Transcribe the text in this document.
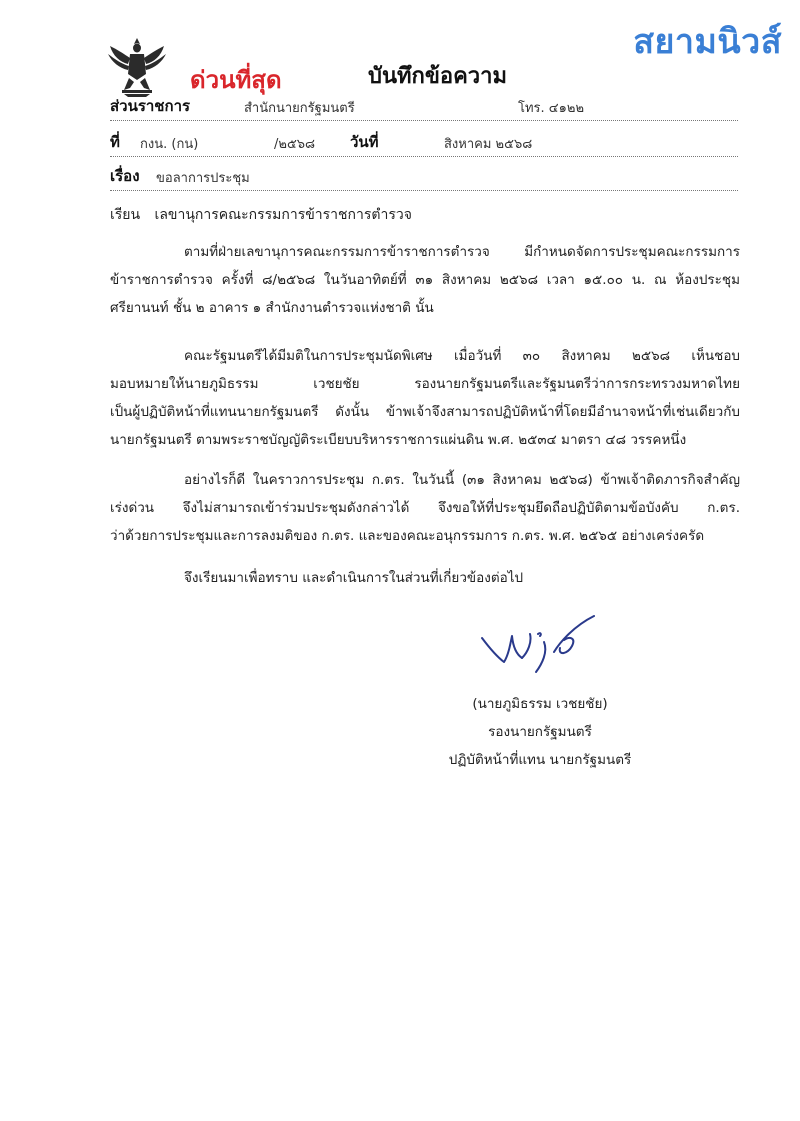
สยามนิวส์
ด่วนที่สุด	บันทึกข้อความ
ส่วนราชการ	สำนักนายกรัฐมนตรี	โทร. ๔๑๒๒
ที่ กงน. (กน)	/๒๕๖๘ วันที่	สิงหาคม ๒๕๖๘
เรื่อง ขอลาการประชุม
เรียน เลขานุการคณะกรรมการข้าราชการตำรวจ
ตามที่ฝ่ายเลขานุการคณะกรรมการข้าราชการตำรวจ มีกำหนดจัดการประชุมคณะกรรมการ
ข้าราชการตำรวจ ครั้งที่ ๘/๒๕๖๘ ในวันอาทิตย์ที่ ๓๑ สิงหาคม ๒๕๖๘ เวลา ๑๕.๐๐ น. ณ ห้องประชุม
ศรียานนท์ ชั้น ๒ อาคาร ๑ สำนักงานตำรวจแห่งชาติ นั้น
คณะรัฐมนตรีได้มีมติในการประชุมนัดพิเศษ เมื่อวันที่ ๓๐ สิงหาคม ๒๕๖๘ เห็นชอบ
มอบหมายให้นายภูมิธรรม เวชยชัย รองนายกรัฐมนตรีและรัฐมนตรีว่าการกระทรวงมหาดไทย
เป็นผู้ปฏิบัติหน้าที่แทนนายกรัฐมนตรี ดังนั้น ข้าพเจ้าจึงสามารถปฏิบัติหน้าที่โดยมีอำนาจหน้าที่เช่นเดียวกับ
นายกรัฐมนตรี ตามพระราชบัญญัติระเบียบบริหารราชการแผ่นดิน พ.ศ. ๒๕๓๔ มาตรา ๔๘ วรรคหนึ่ง
อย่างไรก็ดี ในคราวการประชุม ก.ตร. ในวันนี้ (๓๑ สิงหาคม ๒๕๖๘) ข้าพเจ้าติดภารกิจสำคัญ
เร่งด่วน จึงไม่สามารถเข้าร่วมประชุมดังกล่าวได้ จึงขอให้ที่ประชุมยึดถือปฏิบัติตามข้อบังคับ ก.ตร.
ว่าด้วยการประชุมและการลงมติของ ก.ตร. และของคณะอนุกรรมการ ก.ตร. พ.ศ. ๒๕๖๕ อย่างเคร่งครัด
จึงเรียนมาเพื่อทราบ และดำเนินการในส่วนที่เกี่ยวข้องต่อไป
(นายภูมิธรรม เวชยชัย)
รองนายกรัฐมนตรี
ปฏิบัติหน้าที่แทน นายกรัฐมนตรี
